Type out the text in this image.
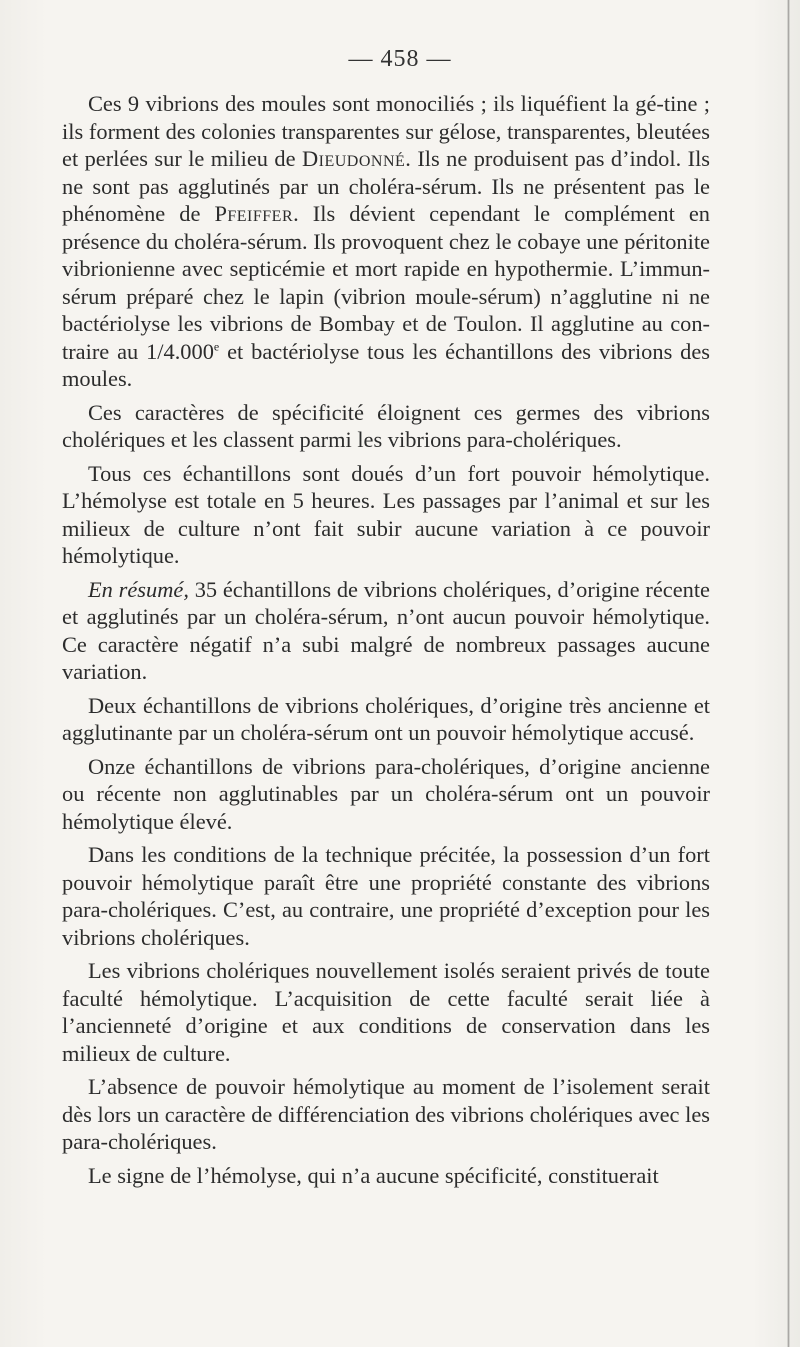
— 458 —

Ces 9 vibrions des moules sont monociliés ; ils liquéfient la gé-tine ; ils forment des colonies transparentes sur gélose, transparentes, bleutées et perlées sur le milieu de Dieudonné. Ils ne produisent pas d’indol. Ils ne sont pas agglutinés par un choléra-sérum. Ils ne présentent pas le phénomène de Pfeiffer. Ils dévient cependant le complément en présence du choléra-sérum. Ils provoquent chez le cobaye une péritonite vibrionienne avec septicémie et mort rapide en hypothermie. L’immun-sérum préparé chez le lapin (vibrion moule-sérum) n’agglutine ni ne bactériolyse les vibrions de Bombay et de Toulon. Il agglutine au contraire au 1/4.000e et bactériolyse tous les échantillons des vibrions des moules.

Ces caractères de spécificité éloignent ces germes des vibrions cholériques et les classent parmi les vibrions para-cholériques.

Tous ces échantillons sont doués d’un fort pouvoir hémolytique. L’hémolyse est totale en 5 heures. Les passages par l’animal et sur les milieux de culture n’ont fait subir aucune variation à ce pouvoir hémolytique.

En résumé, 35 échantillons de vibrions cholériques, d’origine récente et agglutinés par un choléra-sérum, n’ont aucun pouvoir hémolytique. Ce caractère négatif n’a subi malgré de nombreux passages aucune variation.

Deux échantillons de vibrions cholériques, d’origine très ancienne et agglutinante par un choléra-sérum ont un pouvoir hémolytique accusé.

Onze échantillons de vibrions para-cholériques, d’origine ancienne ou récente non agglutinables par un choléra-sérum ont un pouvoir hémolytique élevé.

Dans les conditions de la technique précitée, la possession d’un fort pouvoir hémolytique paraît être une propriété constante des vibrions para-cholériques. C’est, au contraire, une propriété d’exception pour les vibrions cholériques.

Les vibrions cholériques nouvellement isolés seraient privés de toute faculté hémolytique. L’acquisition de cette faculté serait liée à l’ancienneté d’origine et aux conditions de conservation dans les milieux de culture.

L’absence de pouvoir hémolytique au moment de l’isolement serait dès lors un caractère de différenciation des vibrions cholériques avec les para-cholériques.

Le signe de l’hémolyse, qui n’a aucune spécificité, constituerait
